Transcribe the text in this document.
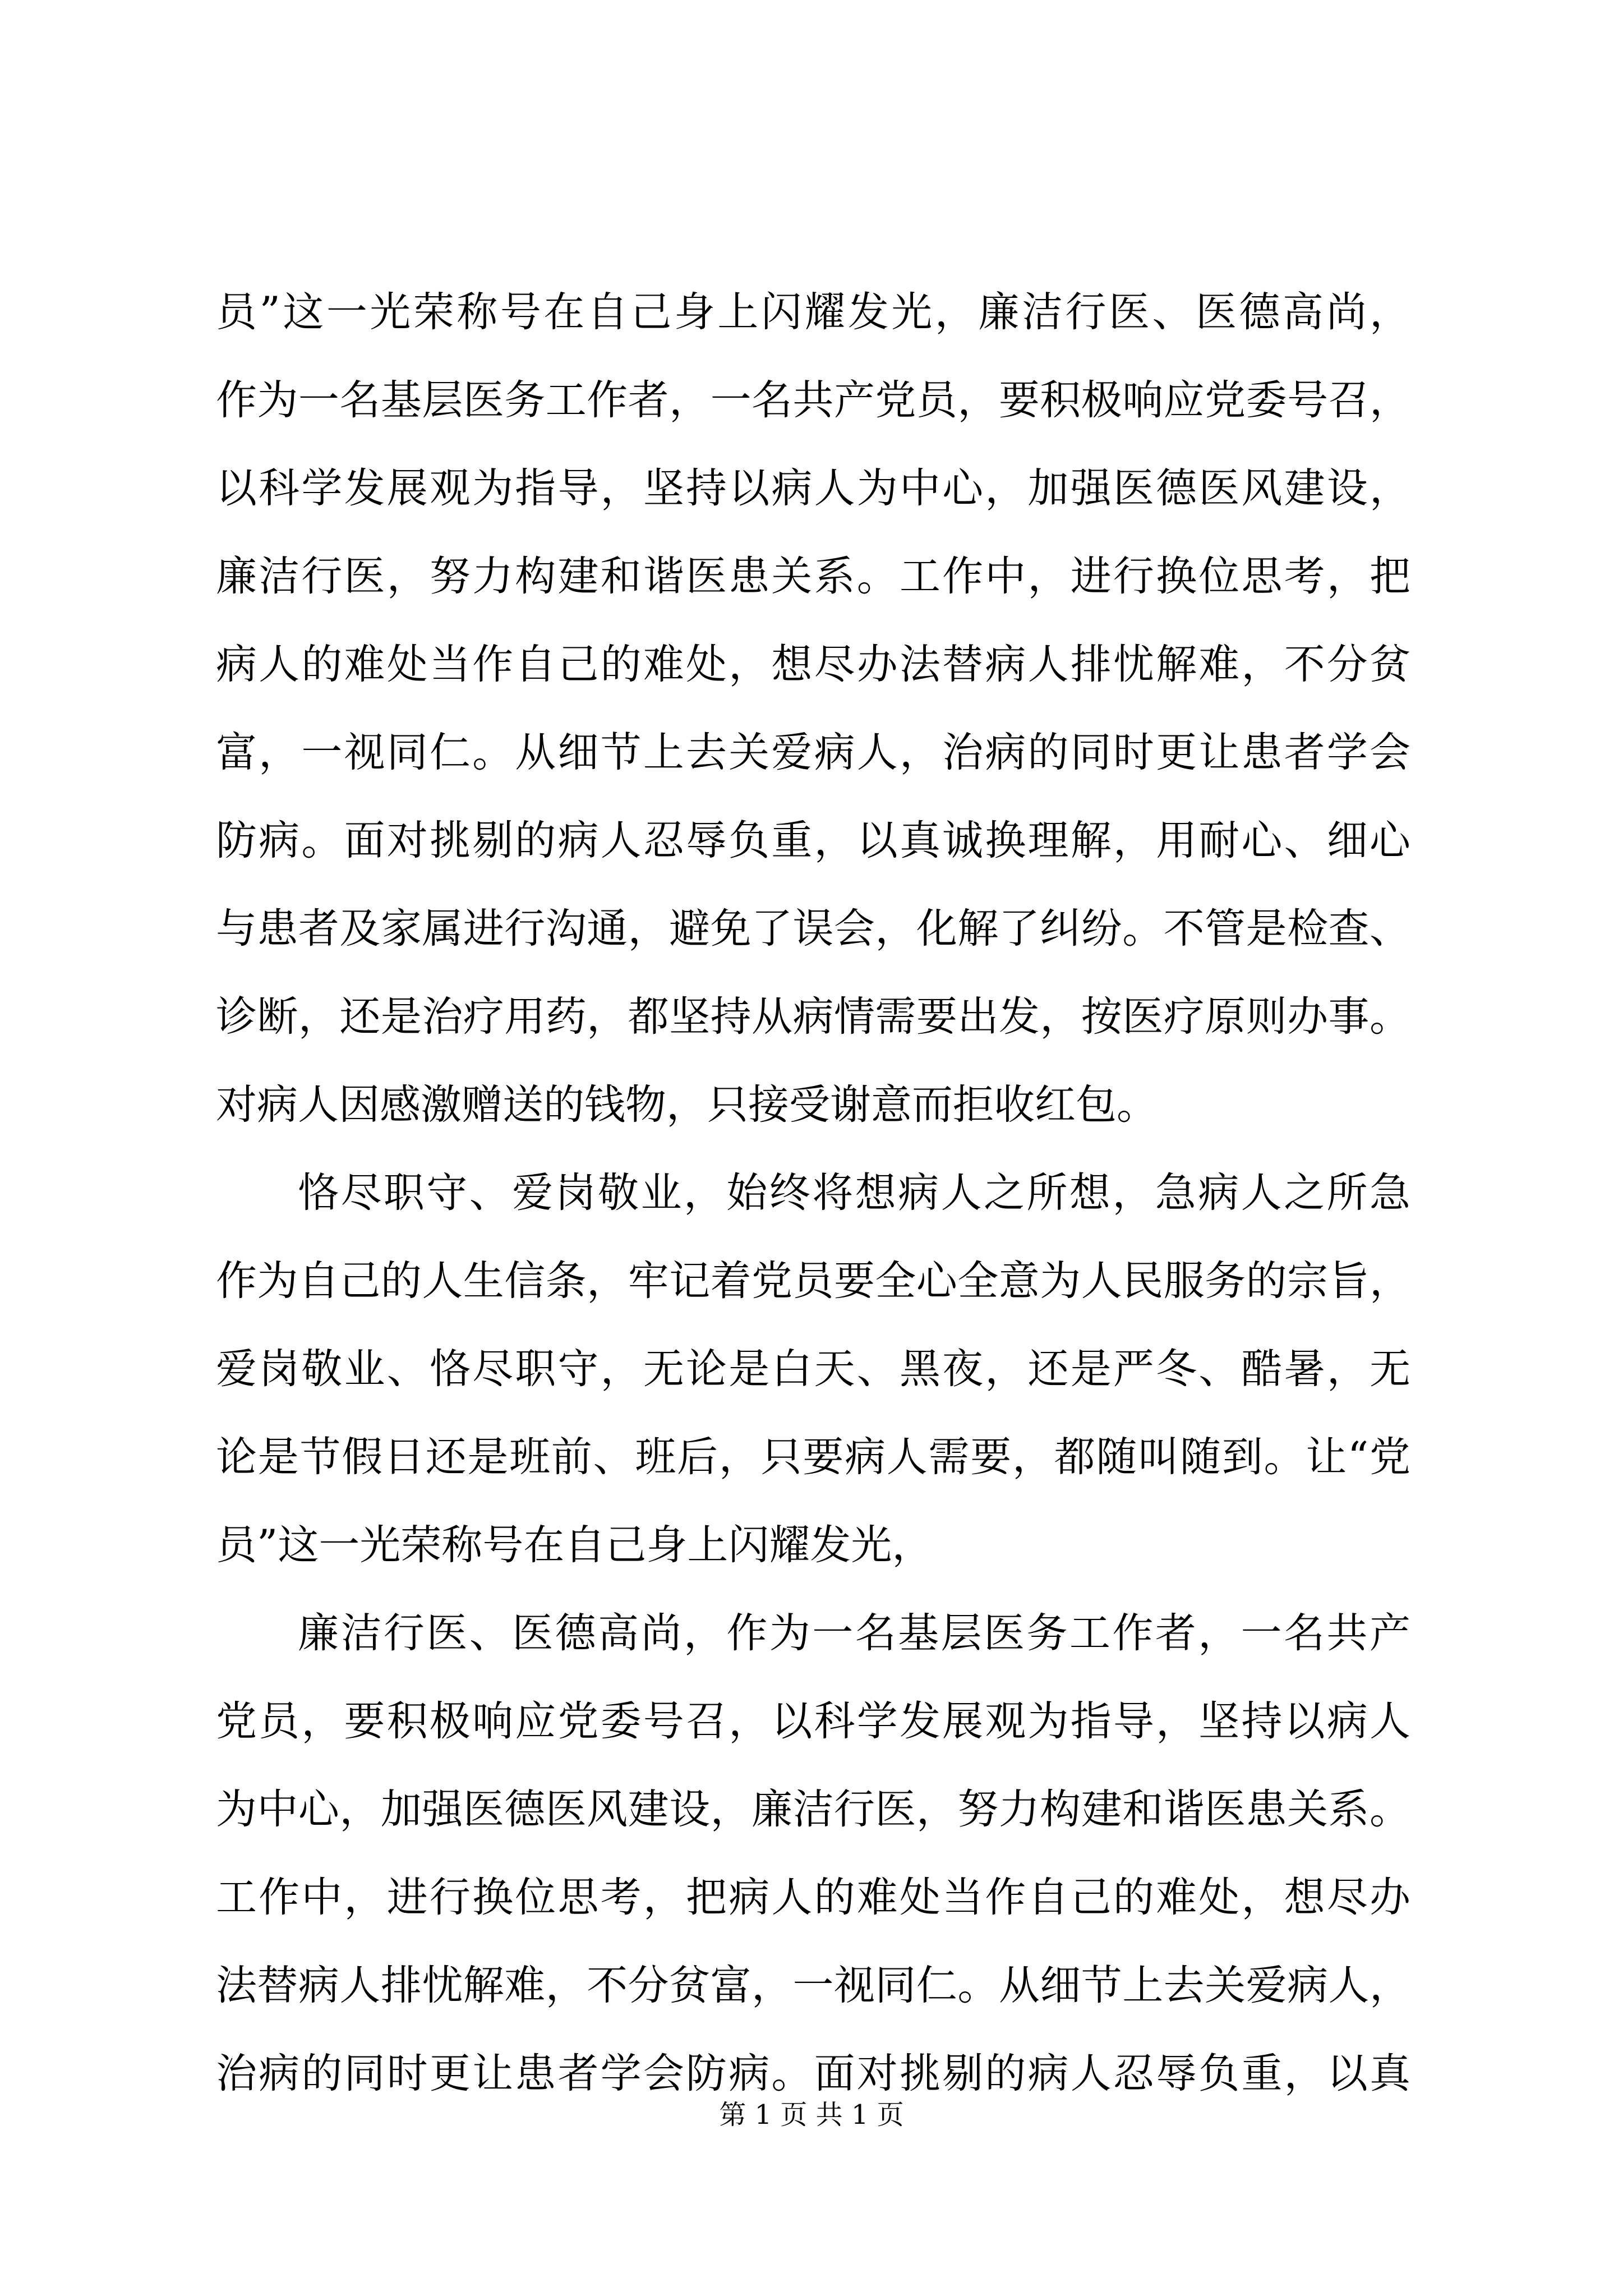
员”这一光荣称号在自己身上闪耀发光，廉洁行医、医德高尚，
作为一名基层医务工作者，一名共产党员，要积极响应党委号召，
以科学发展观为指导，坚持以病人为中心，加强医德医风建设，
廉洁行医，努力构建和谐医患关系。工作中，进行换位思考，把
病人的难处当作自己的难处，想尽办法替病人排忧解难，不分贫
富，一视同仁。从细节上去关爱病人，治病的同时更让患者学会
防病。面对挑剔的病人忍辱负重，以真诚换理解，用耐心、细心
与患者及家属进行沟通，避免了误会，化解了纠纷。不管是检查、
诊断，还是治疗用药，都坚持从病情需要出发，按医疗原则办事。
对病人因感激赠送的钱物，只接受谢意而拒收红包。
恪尽职守、爱岗敬业，始终将想病人之所想，急病人之所急
作为自己的人生信条，牢记着党员要全心全意为人民服务的宗旨，
爱岗敬业、恪尽职守，无论是白天、黑夜，还是严冬、酷暑，无
论是节假日还是班前、班后，只要病人需要，都随叫随到。让“党
员”这一光荣称号在自己身上闪耀发光，
廉洁行医、医德高尚，作为一名基层医务工作者，一名共产
党员，要积极响应党委号召，以科学发展观为指导，坚持以病人
为中心，加强医德医风建设，廉洁行医，努力构建和谐医患关系。
工作中，进行换位思考，把病人的难处当作自己的难处，想尽办
法替病人排忧解难，不分贫富，一视同仁。从细节上去关爱病人，
治病的同时更让患者学会防病。面对挑剔的病人忍辱负重，以真
第 1 页 共 1 页
